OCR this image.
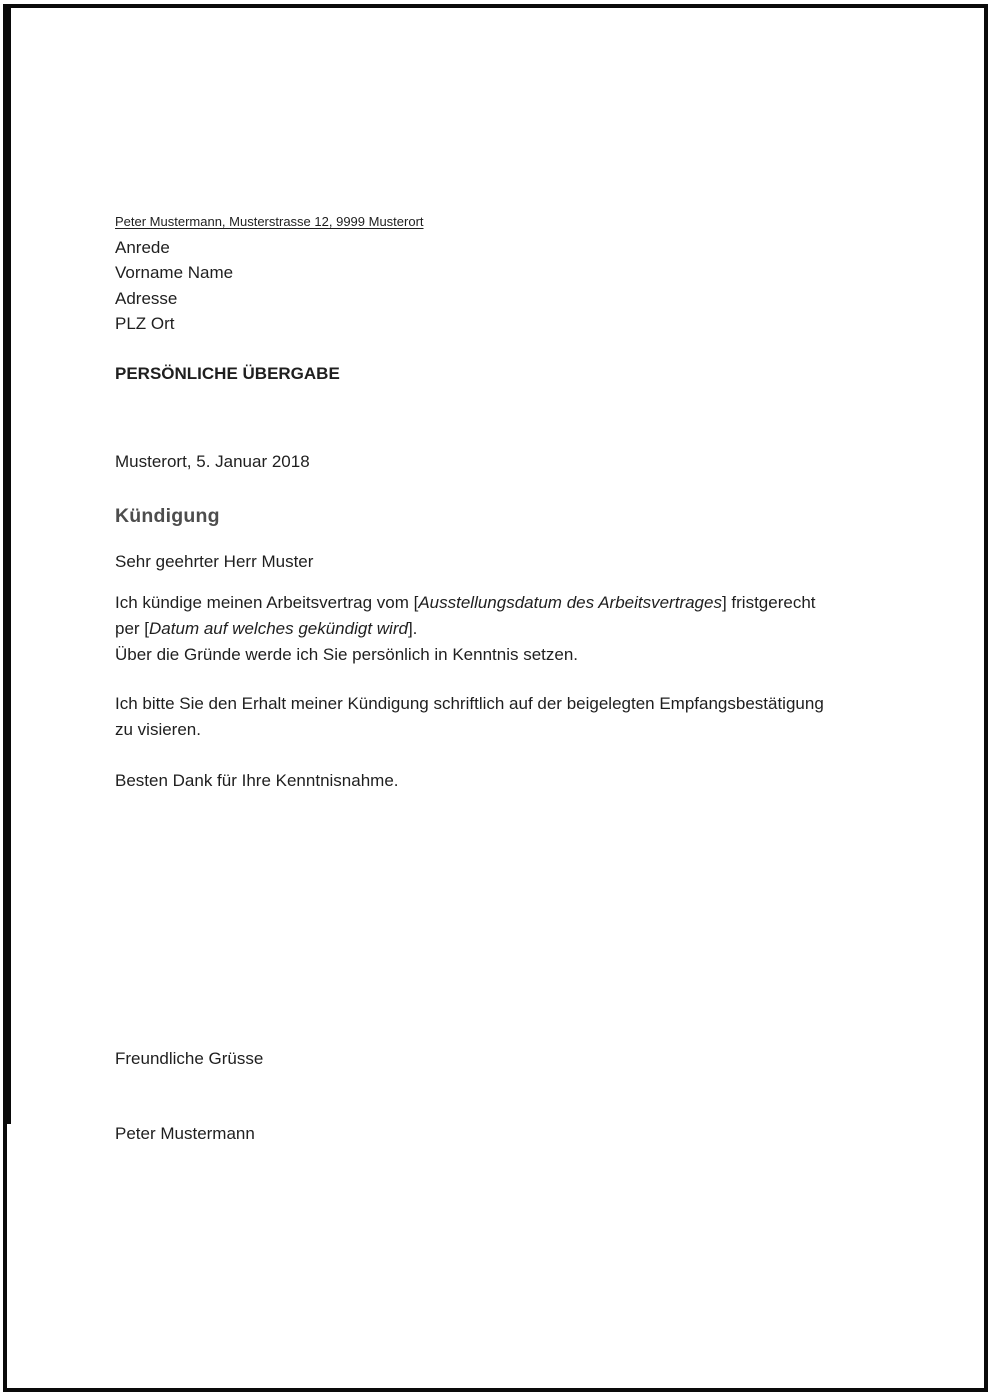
Peter Mustermann, Musterstrasse 12, 9999 Musterort
Anrede
Vorname Name
Adresse
PLZ Ort
PERSÖNLICHE ÜBERGABE
Musterort, 5. Januar 2018
Kündigung
Sehr geehrter Herr Muster
Ich kündige meinen Arbeitsvertrag vom [Ausstellungsdatum des Arbeitsvertrages] fristgerecht
per [Datum auf welches gekündigt wird].
Über die Gründe werde ich Sie persönlich in Kenntnis setzen.
Ich bitte Sie den Erhalt meiner Kündigung schriftlich auf der beigelegten Empfangsbestätigung
zu visieren.
Besten Dank für Ihre Kenntnisnahme.
Freundliche Grüsse
Peter Mustermann
